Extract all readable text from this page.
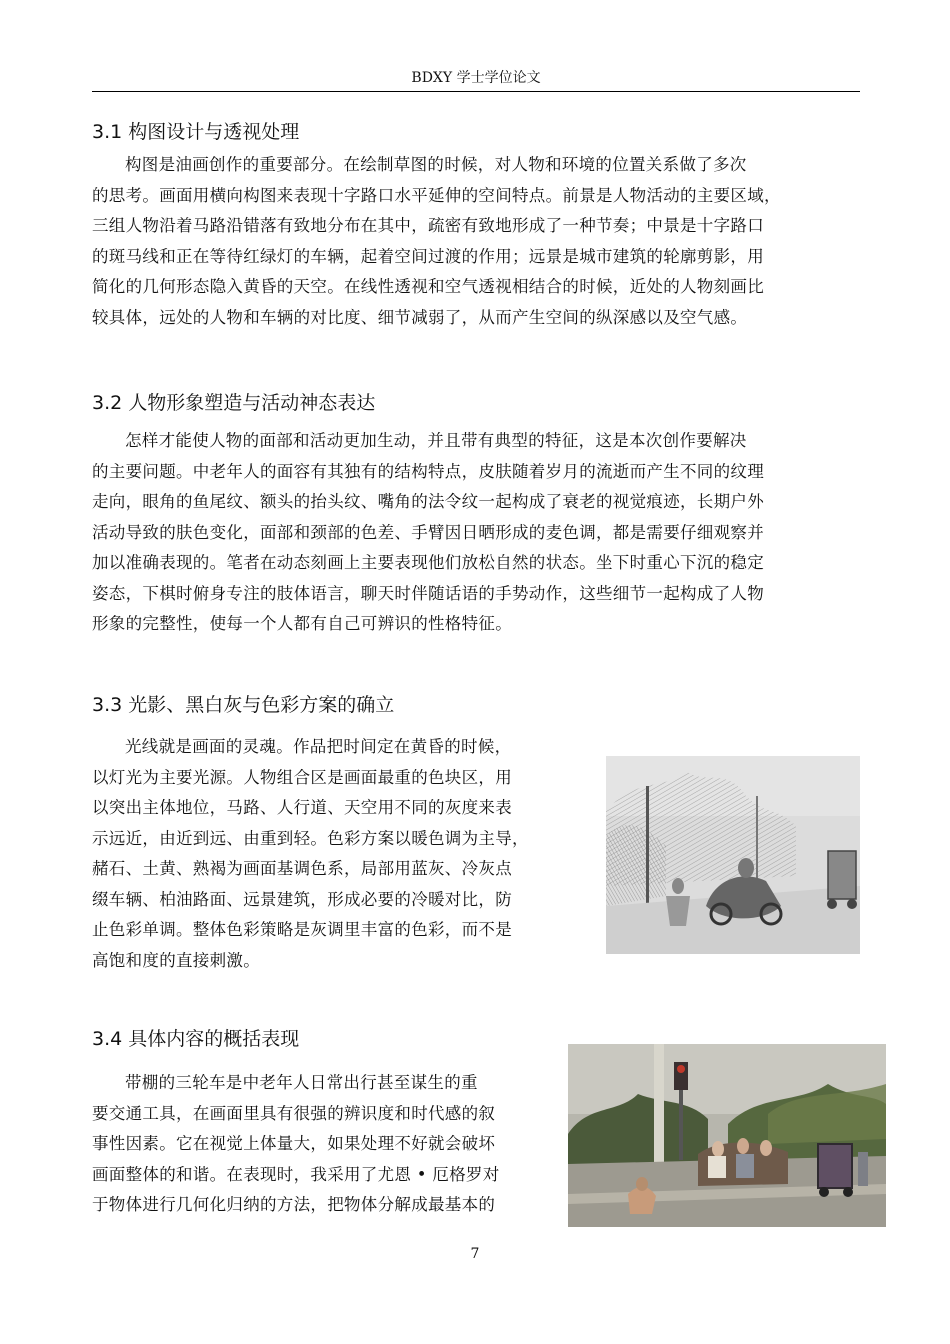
BDXY 学士学位论文
3.1 构图设计与透视处理
构图是油画创作的重要部分。在绘制草图的时候，对人物和环境的位置关系做了多次
的思考。画面用横向构图来表现十字路口水平延伸的空间特点。前景是人物活动的主要区域，
三组人物沿着马路沿错落有致地分布在其中，疏密有致地形成了一种节奏；中景是十字路口
的斑马线和正在等待红绿灯的车辆，起着空间过渡的作用；远景是城市建筑的轮廓剪影，用
简化的几何形态隐入黄昏的天空。在线性透视和空气透视相结合的时候，近处的人物刻画比
较具体，远处的人物和车辆的对比度、细节减弱了，从而产生空间的纵深感以及空气感。
3.2 人物形象塑造与活动神态表达
怎样才能使人物的面部和活动更加生动，并且带有典型的特征，这是本次创作要解决
的主要问题。中老年人的面容有其独有的结构特点，皮肤随着岁月的流逝而产生不同的纹理
走向，眼角的鱼尾纹、额头的抬头纹、嘴角的法令纹一起构成了衰老的视觉痕迹，长期户外
活动导致的肤色变化，面部和颈部的色差、手臂因日晒形成的麦色调，都是需要仔细观察并
加以准确表现的。笔者在动态刻画上主要表现他们放松自然的状态。坐下时重心下沉的稳定
姿态，下棋时俯身专注的肢体语言，聊天时伴随话语的手势动作，这些细节一起构成了人物
形象的完整性，使每一个人都有自己可辨识的性格特征。
3.3 光影、黑白灰与色彩方案的确立
光线就是画面的灵魂。作品把时间定在黄昏的时候，
以灯光为主要光源。人物组合区是画面最重的色块区，用
以突出主体地位，马路、人行道、天空用不同的灰度来表
示远近，由近到远、由重到轻。色彩方案以暖色调为主导，
赭石、土黄、熟褐为画面基调色系，局部用蓝灰、冷灰点
缀车辆、柏油路面、远景建筑，形成必要的冷暖对比，防
止色彩单调。整体色彩策略是灰调里丰富的色彩，而不是
高饱和度的直接刺激。
3.4 具体内容的概括表现
带棚的三轮车是中老年人日常出行甚至谋生的重
要交通工具，在画面里具有很强的辨识度和时代感的叙
事性因素。它在视觉上体量大，如果处理不好就会破坏
画面整体的和谐。在表现时，我采用了尤恩 • 厄格罗对
于物体进行几何化归纳的方法，把物体分解成最基本的
7
